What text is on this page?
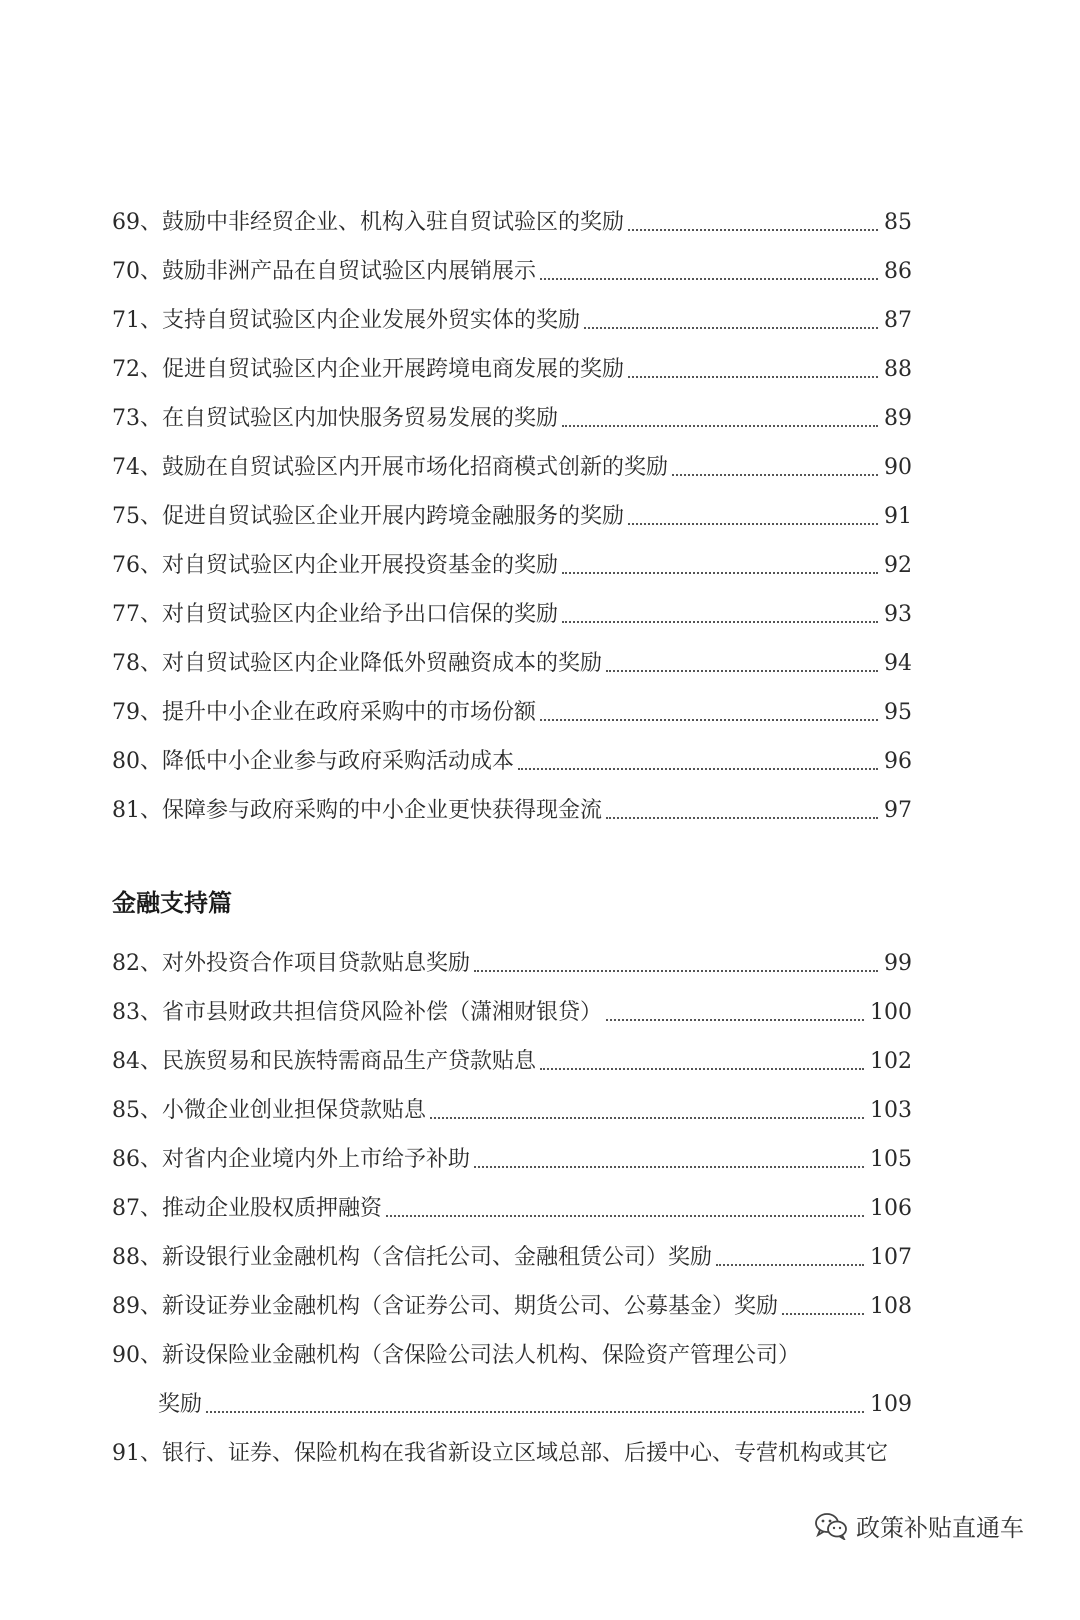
69、鼓励中非经贸企业、机构入驻自贸试验区的奖励	85
70、鼓励非洲产品在自贸试验区内展销展示	86
71、支持自贸试验区内企业发展外贸实体的奖励	87
72、促进自贸试验区内企业开展跨境电商发展的奖励	88
73、在自贸试验区内加快服务贸易发展的奖励	89
74、鼓励在自贸试验区内开展市场化招商模式创新的奖励	90
75、促进自贸试验区企业开展内跨境金融服务的奖励	91
76、对自贸试验区内企业开展投资基金的奖励	92
77、对自贸试验区内企业给予出口信保的奖励	93
78、对自贸试验区内企业降低外贸融资成本的奖励	94
79、提升中小企业在政府采购中的市场份额	95
80、降低中小企业参与政府采购活动成本	96
81、保障参与政府采购的中小企业更快获得现金流	97
金融支持篇
82、对外投资合作项目贷款贴息奖励	99
83、省市县财政共担信贷风险补偿（潇湘财银贷）	100
84、民族贸易和民族特需商品生产贷款贴息	102
85、小微企业创业担保贷款贴息	103
86、对省内企业境内外上市给予补助	105
87、推动企业股权质押融资	106
88、新设银行业金融机构（含信托公司、金融租赁公司）奖励	107
89、新设证券业金融机构（含证券公司、期货公司、公募基金）奖励	108
90、新设保险业金融机构（含保险公司法人机构、保险资产管理公司）
奖励	109
91、银行、证券、保险机构在我省新设立区域总部、后援中心、专营机构或其它
政策补贴直通车
